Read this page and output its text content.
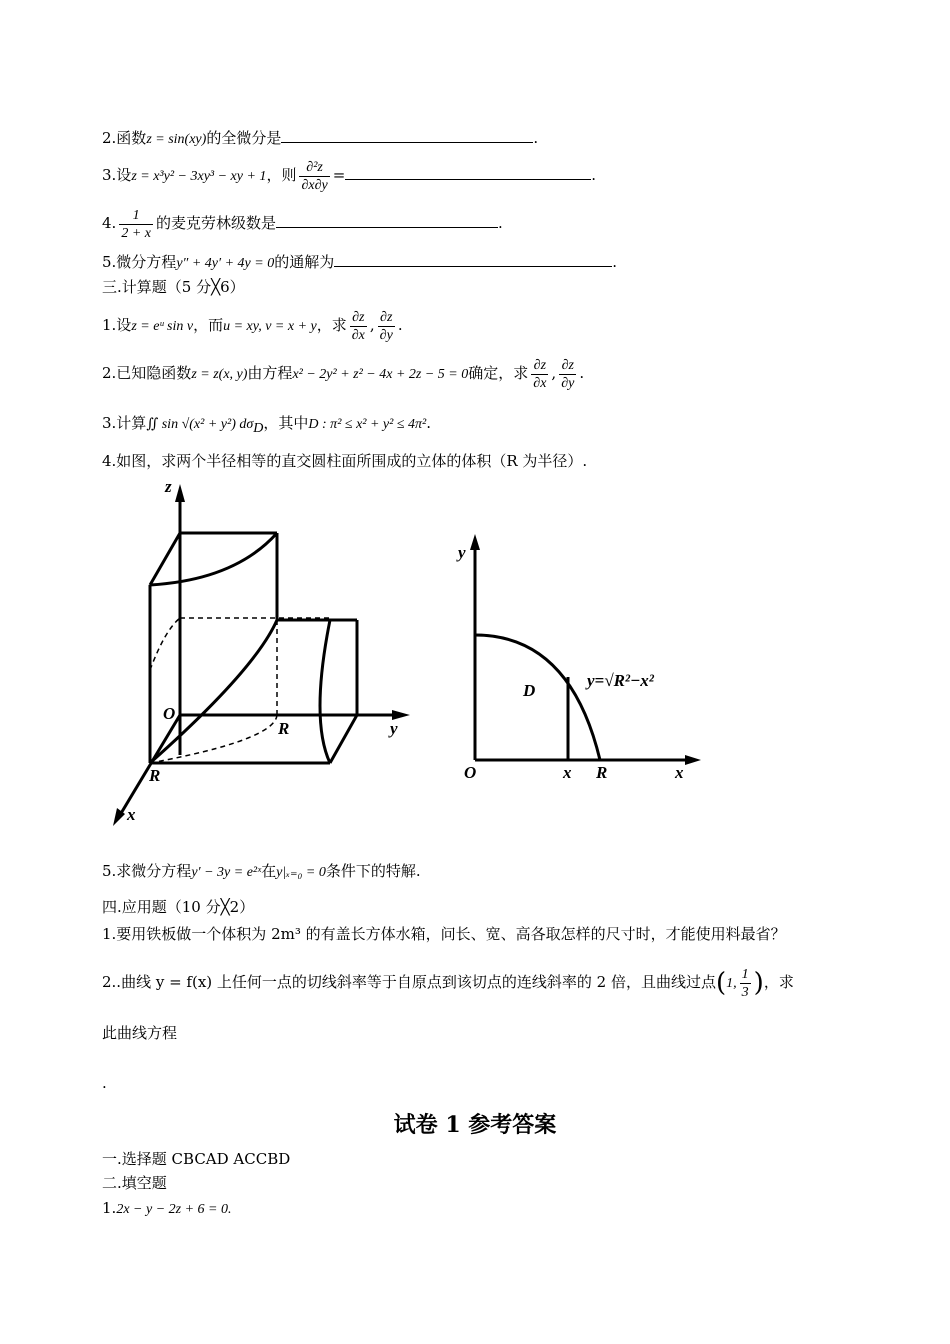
2.函数z = sin(xy)的全微分是	.
3.设z = x³y² − 3xy³ − xy + 1，则 $\frac{\text{∂²z}}{\partial x\partial y}$ =	.
4. $\frac{1}{2 + x}$ 的麦克劳林级数是	.
5.微分方程y″ + 4y′ + 4y = 0的通解为	.
三.计算题（5 分╳6）
1.设z = eᵘ sin v，而u = xy, v = x + y，求 $\frac{\partial z}{\partial x}$ , $\frac{\partial z}{\partial y}$ .
2.已知隐函数z = z(x, y)由方程x² − 2y² + z² − 4x + 2z − 5 = 0确定，求 $\frac{\partial z}{\partial x}$ , $\frac{\partial z}{\partial y}$ .
3.计算∬ sin √(x² + y²) $d\sigma_D$，其中D : π² ≤ x² + y² ≤ 4π².
4.如图，求两个半径相等的直交圆柱面所围成的立体的体积（R 为半径）.
z
y
x
O
R
R
y
x
O	x R
D
y=√R²−x²
5.求微分方程y′ − 3y = e²ˣ在y|ₓ₌₀ = 0条件下的特解.
四.应用题（10 分╳2）
1.要用铁板做一个体积为 2m³ 的有盖长方体水箱，问长、宽、高各取怎样的尺寸时，才能使用料最省？
2..曲线 y = f(x) 上任何一点的切线斜率等于自原点到该切点的连线斜率的 2 倍，且曲线过点(1, $\frac{1}{3}$ )，求
此曲线方程
.
试卷 1 参考答案
一.选择题 CBCAD ACCBD
二.填空题
1.2x − y − 2z + 6 = 0.
